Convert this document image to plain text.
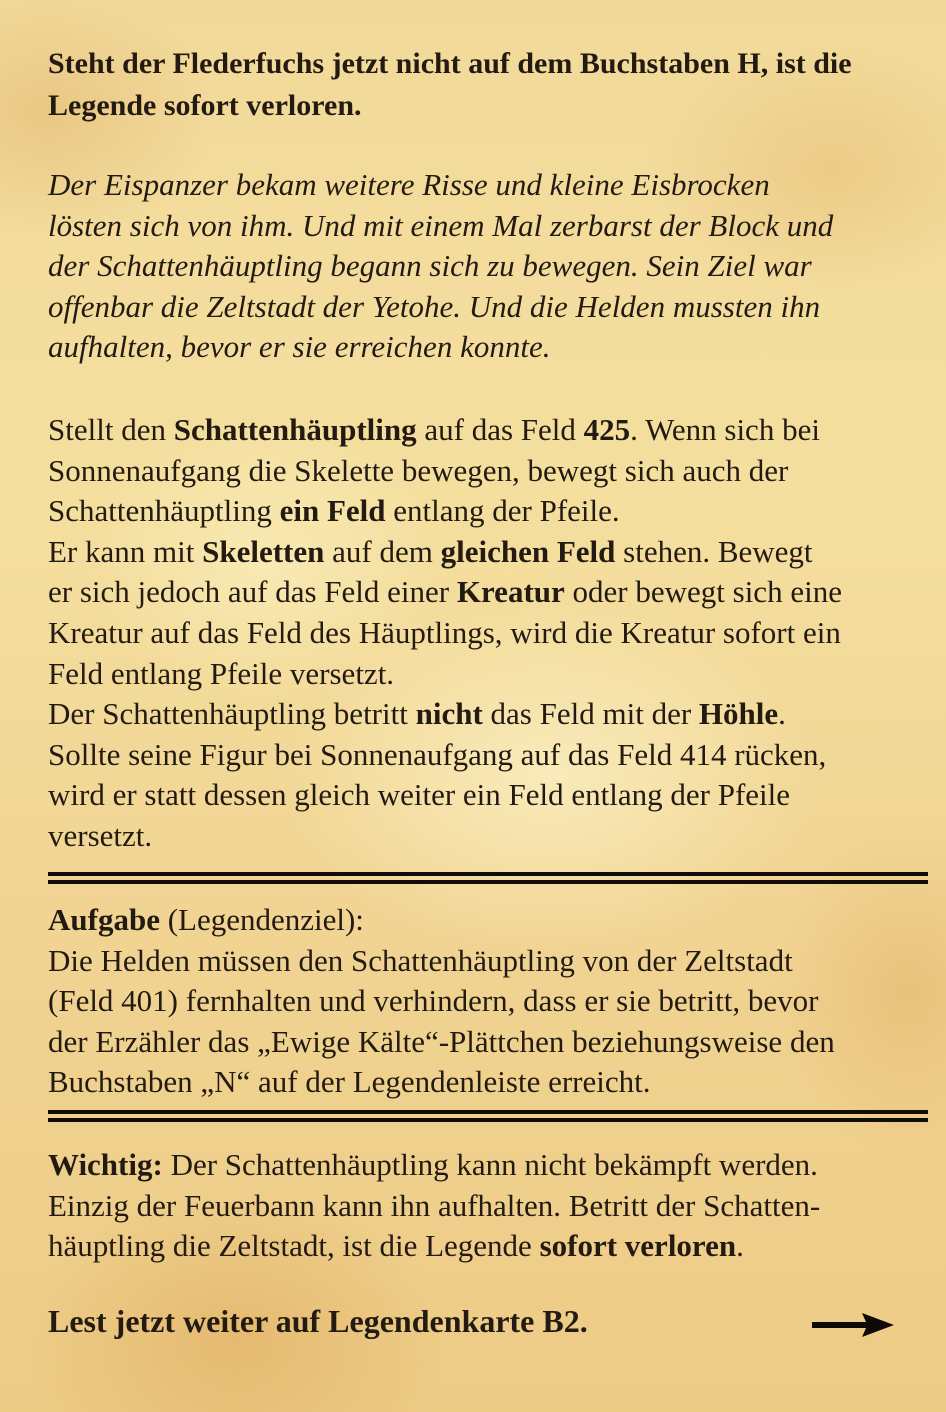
Steht der Flederfuchs jetzt nicht auf dem Buchstaben H, ist die Legende sofort verloren.

Der Eispanzer bekam weitere Risse und kleine Eisbrocken

lösten sich von ihm. Und mit einem Mal zerbarst der Block und

der Schattenhäuptling begann sich zu bewegen. Sein Ziel war

offenbar die Zeltstadt der Yetohe. Und die Helden mussten ihn

aufhalten, bevor er sie erreichen konnte.

Stellt den Schattenhäuptling auf das Feld 425. Wenn sich bei

Sonnenaufgang die Skelette bewegen, bewegt sich auch der

Schattenhäuptling ein Feld entlang der Pfeile.

Er kann mit Skeletten auf dem gleichen Feld stehen. Bewegt

er sich jedoch auf das Feld einer Kreatur oder bewegt sich eine

Kreatur auf das Feld des Häuptlings, wird die Kreatur sofort ein

Feld entlang Pfeile versetzt.

Der Schattenhäuptling betritt nicht das Feld mit der Höhle.

Sollte seine Figur bei Sonnenaufgang auf das Feld 414 rücken,

wird er statt dessen gleich weiter ein Feld entlang der Pfeile

versetzt.

Aufgabe (Legendenziel):

Die Helden müssen den Schattenhäuptling von der Zeltstadt

(Feld 401) fernhalten und verhindern, dass er sie betritt, bevor

der Erzähler das „Ewige Kälte“-Plättchen beziehungsweise den

Buchstaben „N“ auf der Legendenleiste erreicht.

Wichtig: Der Schattenhäuptling kann nicht bekämpft werden.

Einzig der Feuerbann kann ihn aufhalten. Betritt der Schatten-

häuptling die Zeltstadt, ist die Legende sofort verloren.

Lest jetzt weiter auf Legendenkarte B2.
